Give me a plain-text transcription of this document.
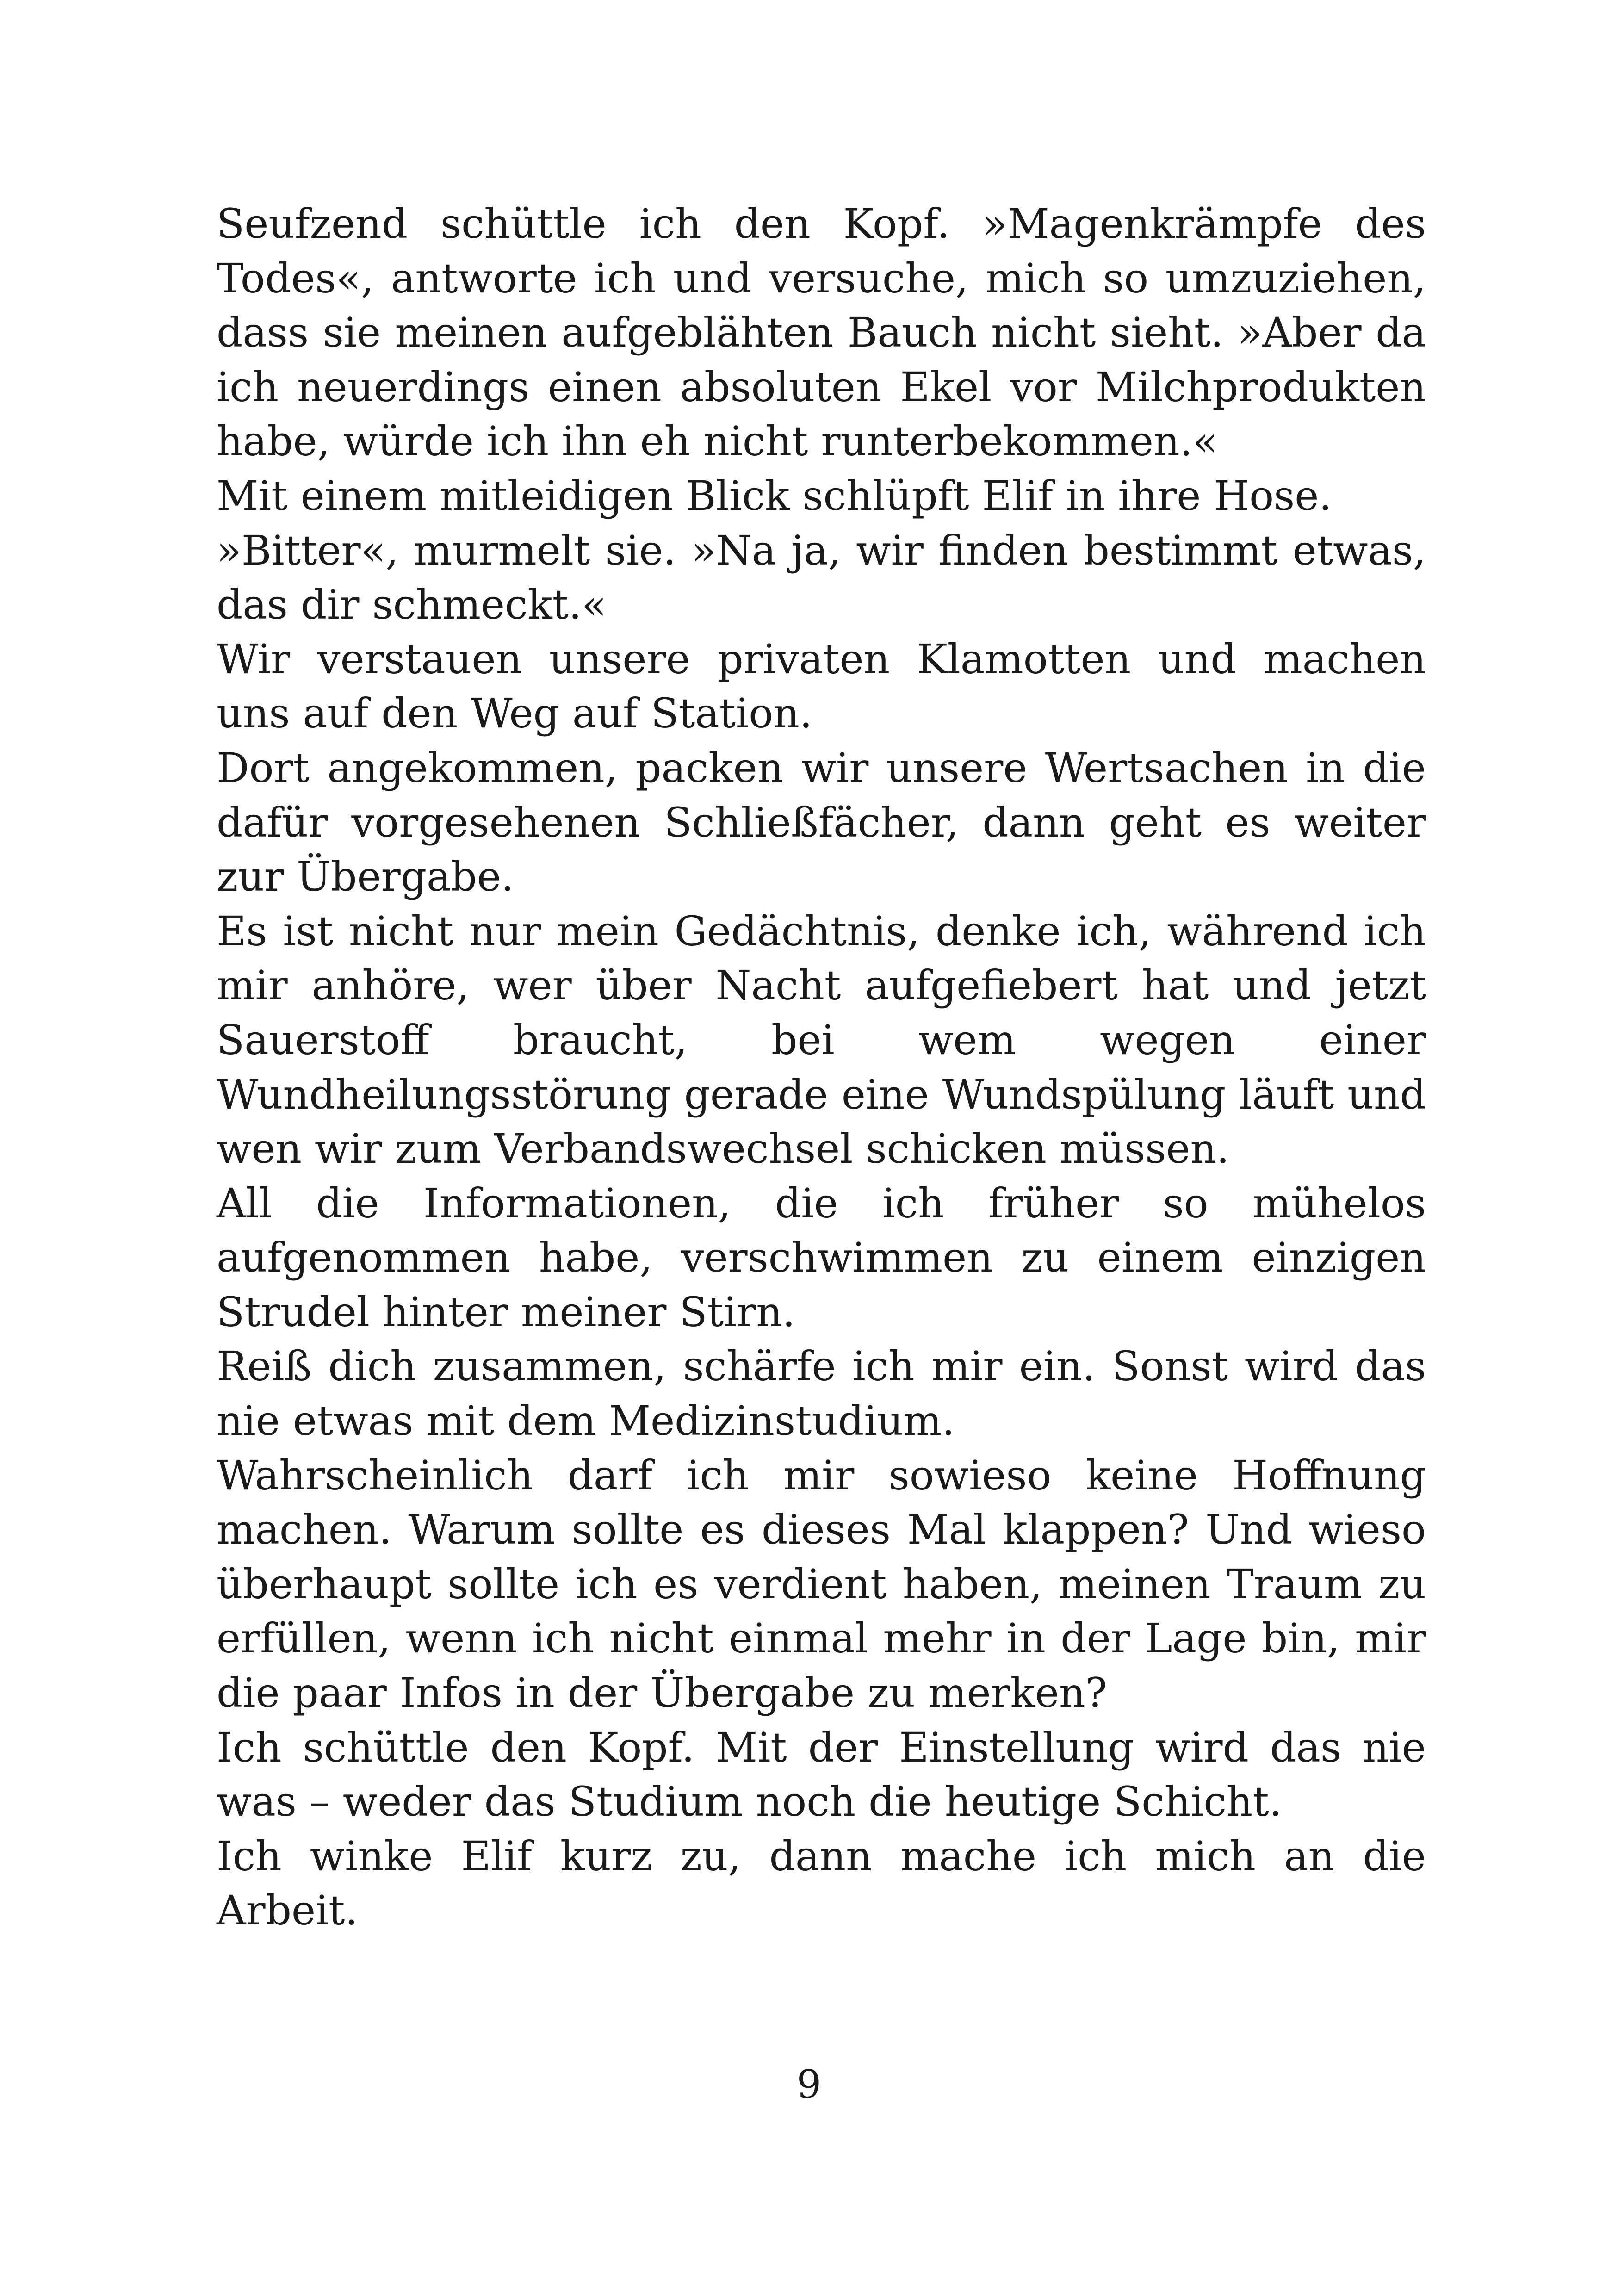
Seufzend schüttle ich den Kopf. »Magenkrämpfe des Todes«, antworte ich und versuche, mich so umzuziehen, dass sie meinen aufgeblähten Bauch nicht sieht. »Aber da ich neuerdings einen absoluten Ekel vor Milchprodukten habe, würde ich ihn eh nicht runterbekommen.«

Mit einem mitleidigen Blick schlüpft Elif in ihre Hose.

»Bitter«, murmelt sie. »Na ja, wir finden bestimmt etwas, das dir schmeckt.«

Wir verstauen unsere privaten Klamotten und machen uns auf den Weg auf Station.

Dort angekommen, packen wir unsere Wertsachen in die dafür vorgesehenen Schließfächer, dann geht es weiter zur Übergabe.

Es ist nicht nur mein Gedächtnis, denke ich, während ich mir anhöre, wer über Nacht aufgefiebert hat und jetzt Sauerstoff braucht, bei wem wegen einer Wundheilungsstörung gerade eine Wundspülung läuft und wen wir zum Verbandswechsel schicken müssen.

All die Informationen, die ich früher so mühelos aufgenommen habe, verschwimmen zu einem einzigen Strudel hinter meiner Stirn.

Reiß dich zusammen, schärfe ich mir ein. Sonst wird das nie etwas mit dem Medizinstudium.

Wahrscheinlich darf ich mir sowieso keine Hoffnung machen. Warum sollte es dieses Mal klappen? Und wieso überhaupt sollte ich es verdient haben, meinen Traum zu erfüllen, wenn ich nicht einmal mehr in der Lage bin, mir die paar Infos in der Übergabe zu merken?

Ich schüttle den Kopf. Mit der Einstellung wird das nie was – weder das Studium noch die heutige Schicht.

Ich winke Elif kurz zu, dann mache ich mich an die Arbeit.

9
